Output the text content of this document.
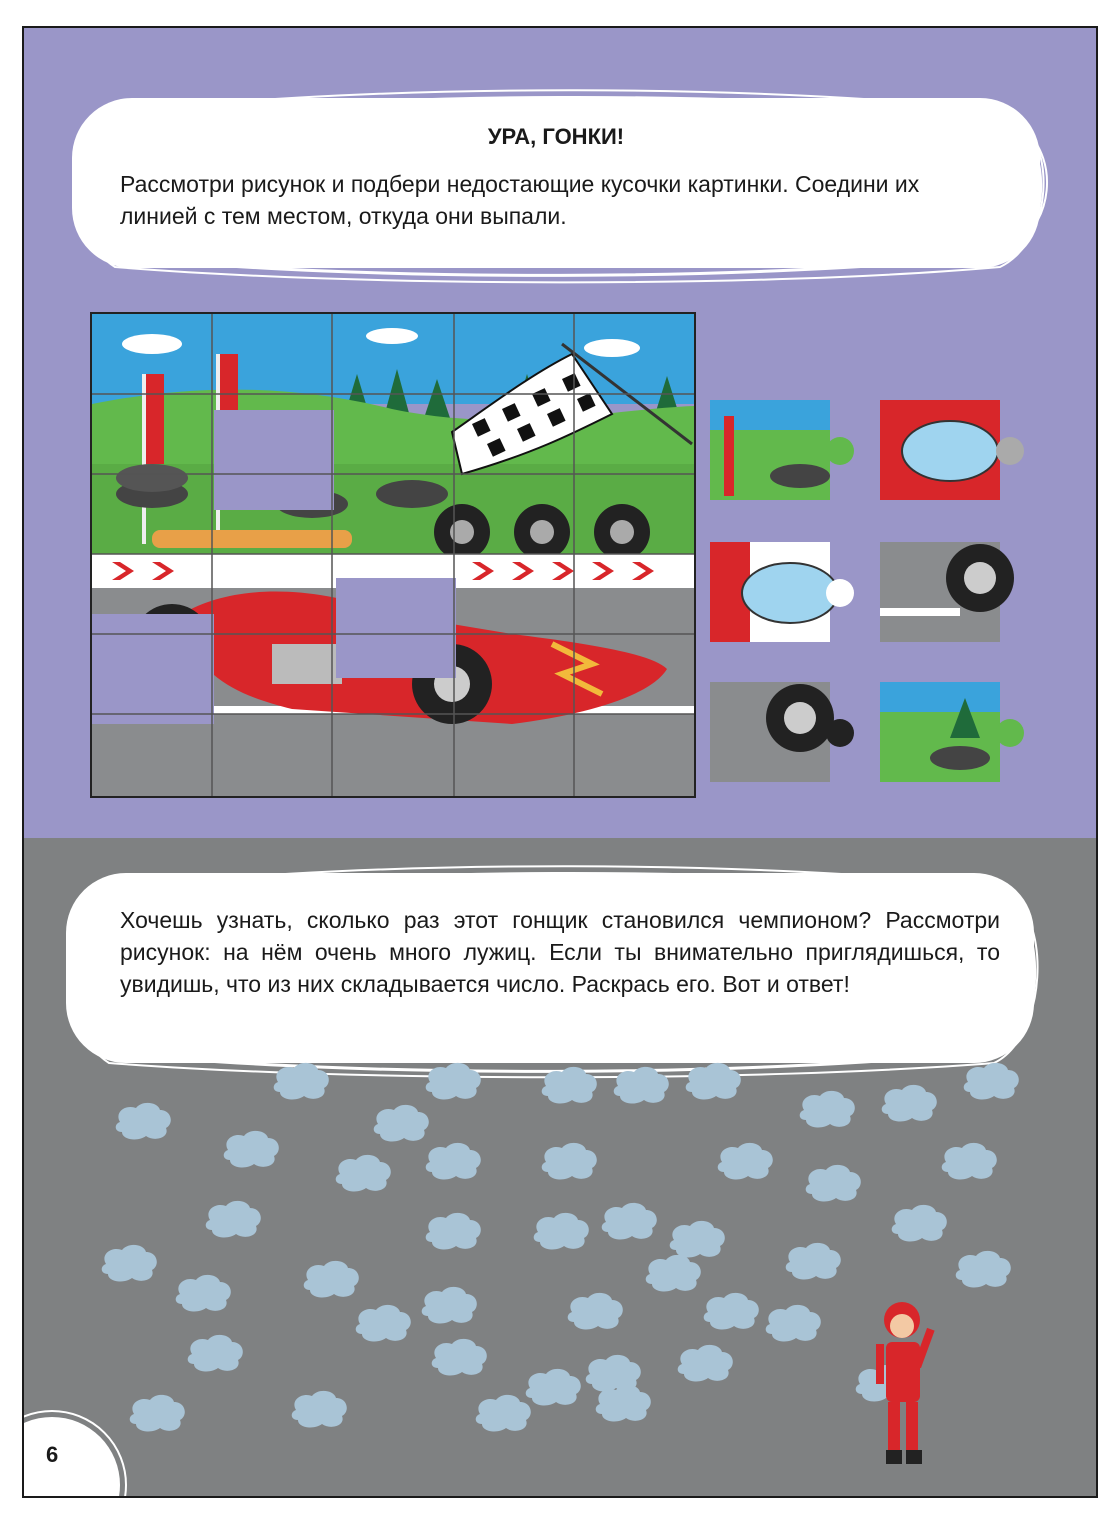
УРА, ГОНКИ!
Рассмотри рисунок и подбери недостающие кусочки картинки. Соедини их линией с тем местом, откуда они выпали.
Хочешь узнать, сколько раз этот гонщик становился чемпионом? Рассмотри рисунок: на нём очень много лужиц. Если ты внимательно приглядишься, то увидишь, что из них складывается число. Раскрась его. Вот и ответ!
6
